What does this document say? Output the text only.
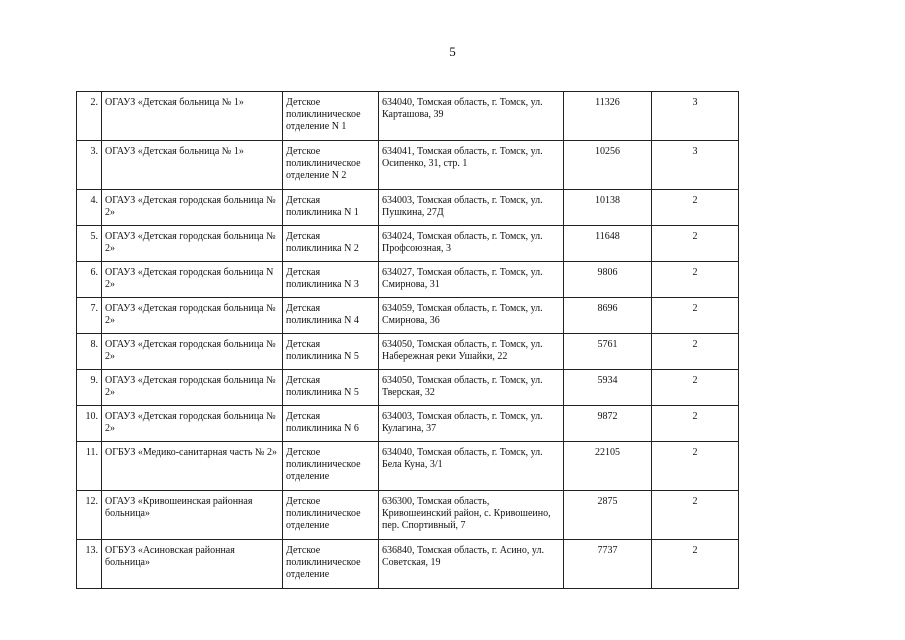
5
2.	ОГАУЗ «Детская больница № 1»	Детское поликлиническое отделение N 1	634040, Томская область, г. Томск, ул. Карташова, 39	11326	3
3.	ОГАУЗ «Детская больница № 1»	Детское поликлиническое отделение N 2	634041, Томская область, г. Томск, ул. Осипенко, 31, стр. 1	10256	3
4.	ОГАУЗ «Детская городская больница № 2»	Детская поликлиника N 1	634003, Томская область, г. Томск, ул. Пушкина, 27Д	10138	2
5.	ОГАУЗ «Детская городская больница № 2»	Детская поликлиника N 2	634024, Томская область, г. Томск, ул. Профсоюзная, 3	11648	2
6.	ОГАУЗ «Детская городская больница N 2»	Детская поликлиника N 3	634027, Томская область, г. Томск, ул. Смирнова, 31	9806	2
7.	ОГАУЗ «Детская городская больница № 2»	Детская поликлиника N 4	634059, Томская область, г. Томск, ул. Смирнова, 36	8696	2
8.	ОГАУЗ «Детская городская больница № 2»	Детская поликлиника N 5	634050, Томская область, г. Томск, ул. Набережная реки Ушайки, 22	5761	2
9.	ОГАУЗ «Детская городская больница № 2»	Детская поликлиника N 5	634050, Томская область, г. Томск, ул. Тверская, 32	5934	2
10.	ОГАУЗ «Детская городская больница № 2»	Детская поликлиника N 6	634003, Томская область, г. Томск, ул. Кулагина, 37	9872	2
11.	ОГБУЗ «Медико-санитарная часть № 2»	Детское поликлиническое отделение	634040, Томская область, г. Томск, ул. Бела Куна, 3/1	22105	2
12.	ОГАУЗ «Кривошеинская районная больница»	Детское поликлиническое отделение	636300, Томская область, Кривошеинский район, с. Кривошеино, пер. Спортивный, 7	2875	2
13.	ОГБУЗ «Асиновская районная больница»	Детское поликлиническое отделение	636840, Томская область, г. Асино, ул. Советская, 19	7737	2
